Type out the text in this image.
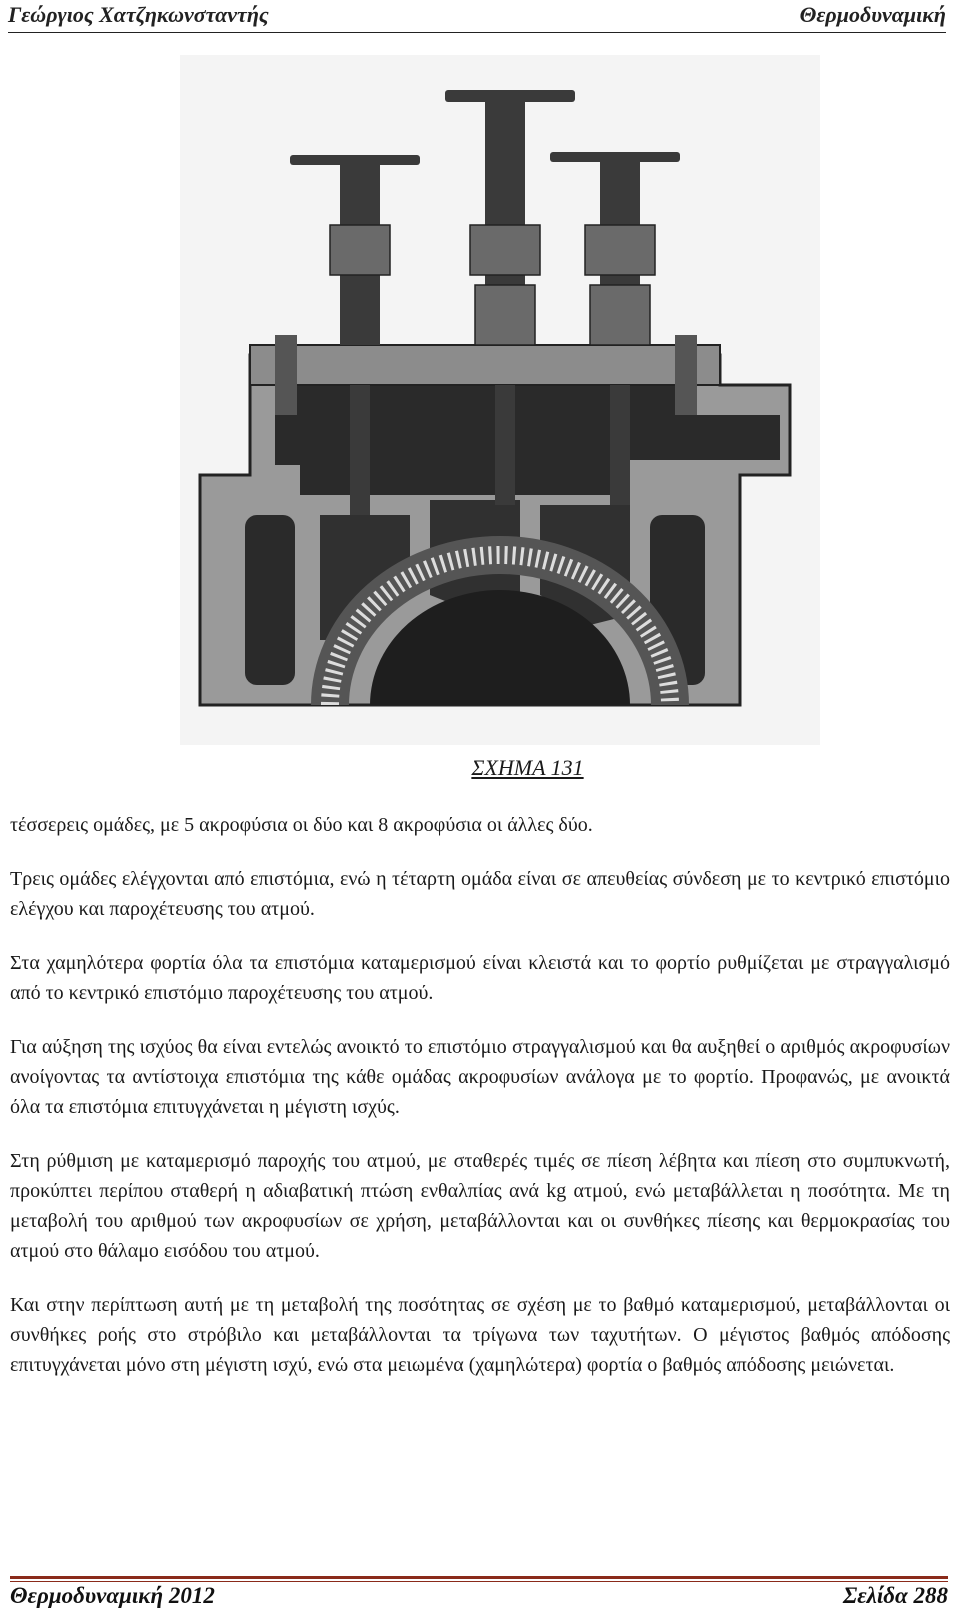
Γεώργιος Χατζηκωνσταντής	Θερμοδυναμική
ΣΧΗΜΑ 131

τέσσερεις ομάδες, με 5 ακροφύσια οι δύο και 8 ακροφύσια οι άλλες δύο.

Τρεις ομάδες ελέγχονται από επιστόμια, ενώ η τέταρτη ομάδα είναι σε απευθείας σύνδεση με το κεντρικό επιστόμιο ελέγχου και παροχέτευσης του ατμού.

Στα χαμηλότερα φορτία όλα τα επιστόμια καταμερισμού είναι κλειστά και το φορτίο ρυθμίζεται με στραγγαλισμό από το κεντρικό επιστόμιο παροχέτευσης του ατμού.

Για αύξηση της ισχύος θα είναι εντελώς ανοικτό το επιστόμιο στραγγαλισμού και θα αυξηθεί ο αριθμός ακροφυσίων ανοίγοντας τα αντίστοιχα επιστόμια της κάθε ομάδας ακροφυσίων ανάλογα με το φορτίο. Προφανώς, με ανοικτά όλα τα επιστόμια επιτυγχάνεται η μέγιστη ισχύς.

Στη ρύθμιση με καταμερισμό παροχής του ατμού, με σταθερές τιμές σε πίεση λέβητα και πίεση στο συμπυκνωτή, προκύπτει περίπου σταθερή η αδιαβατική πτώση ενθαλπίας ανά kg ατμού, ενώ μεταβάλλεται η ποσότητα. Με τη μεταβολή του αριθμού των ακροφυσίων σε χρήση, μεταβάλλονται και οι συνθήκες πίεσης και θερμοκρασίας του ατμού στο θάλαμο εισόδου του ατμού.

Και στην περίπτωση αυτή με τη μεταβολή της ποσότητας σε σχέση με το βαθμό καταμερισμού, μεταβάλλονται οι συνθήκες ροής στο στρόβιλο και μεταβάλλονται τα τρίγωνα των ταχυτήτων. Ο μέγιστος βαθμός απόδοσης επιτυγχάνεται μόνο στη μέγιστη ισχύ, ενώ στα μειωμένα (χαμηλώτερα) φορτία ο βαθμός απόδοσης μειώνεται.

Θερμοδυναμική 2012	Σελίδα 288
